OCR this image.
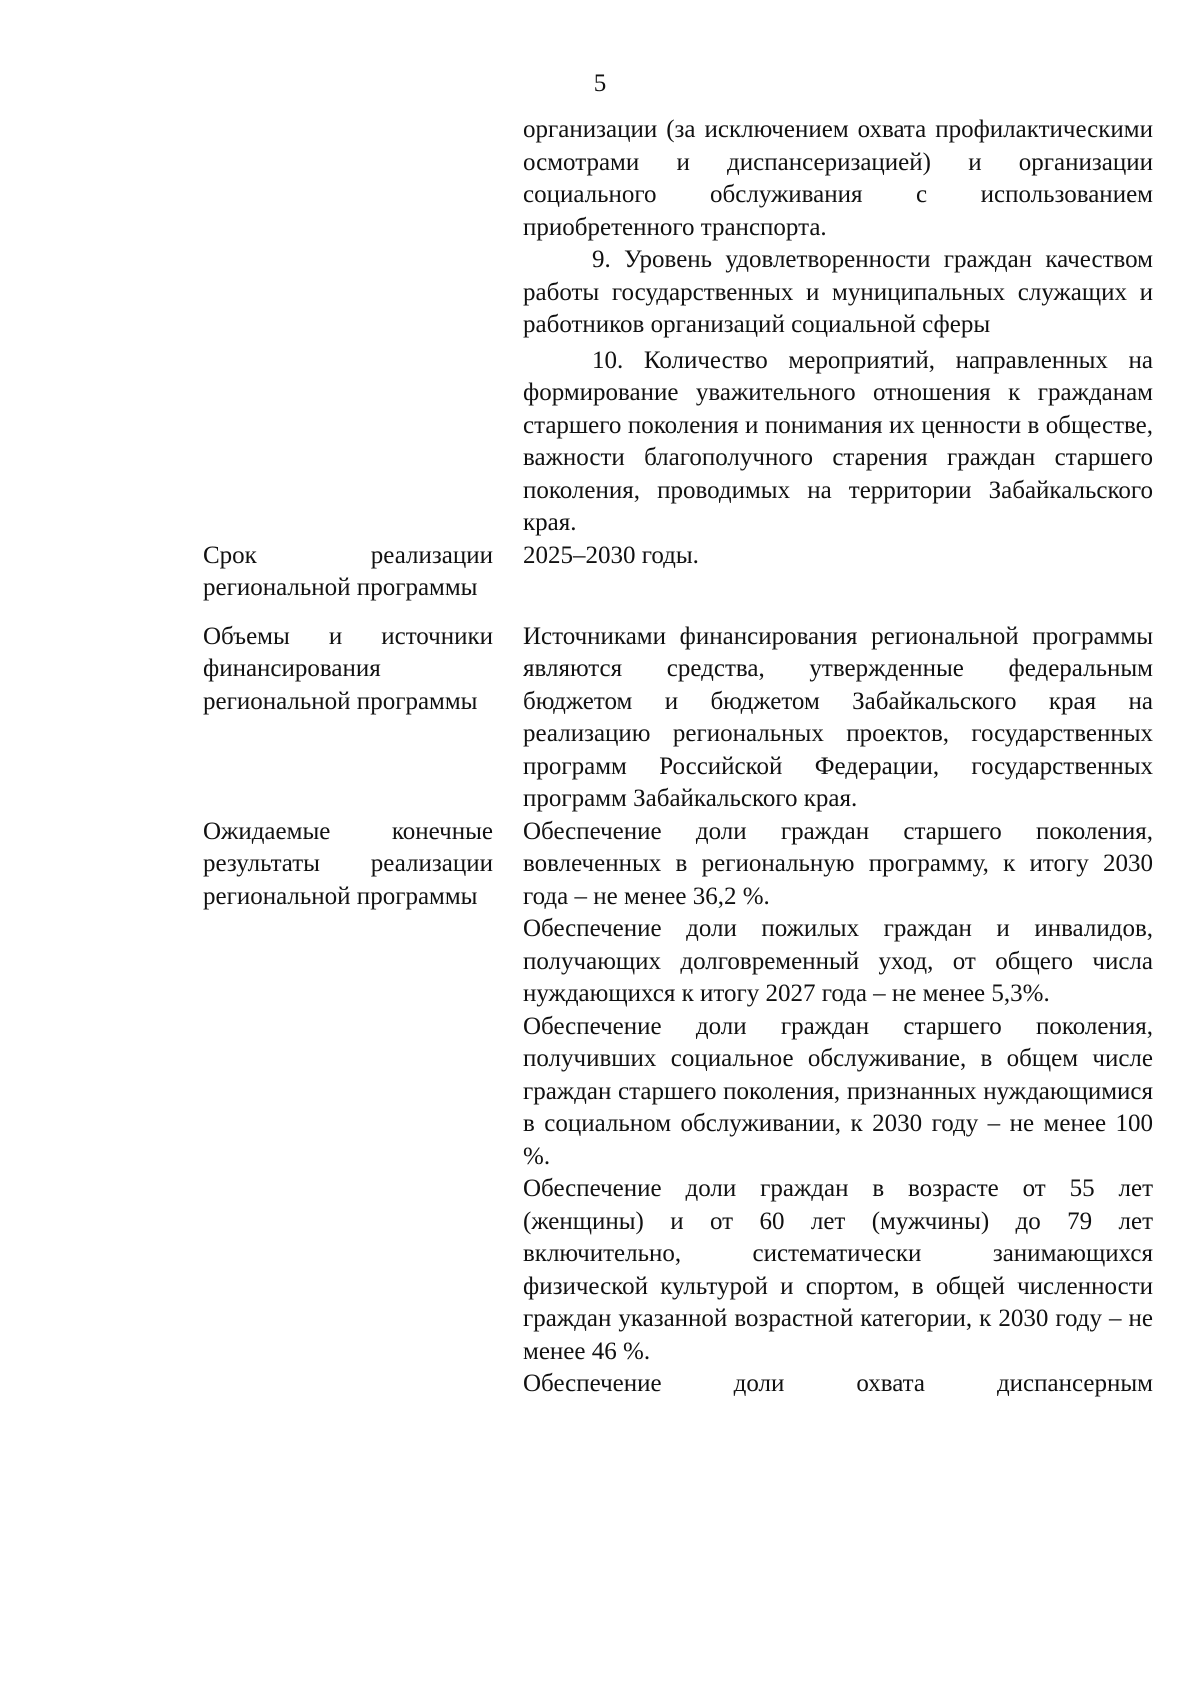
5

организации (за исключением охвата профилактическими осмотрами и диспансеризацией) и организации социального обслуживания с использованием приобретенного транспорта.

9. Уровень удовлетворенности граждан качеством работы государственных и муниципальных служащих и работников организаций социальной сферы

10. Количество мероприятий, направленных на формирование уважительного отношения к гражданам старшего поколения и понимания их ценности в обществе, важности благополучного старения граждан старшего поколения, проводимых на территории Забайкальского края.

Срок реализации региональной программы

2025–2030 годы.

Объемы и источники финансирования региональной программы

Источниками финансирования региональной программы являются средства, утвержденные федеральным бюджетом и бюджетом Забайкальского края на реализацию региональных проектов, государственных программ Российской Федерации, государственных программ Забайкальского края.

Ожидаемые конечные результаты реализации региональной программы

Обеспечение доли граждан старшего поколения, вовлеченных в региональную программу, к итогу 2030 года – не менее 36,2 %.

Обеспечение доли пожилых граждан и инвалидов, получающих долговременный уход, от общего числа нуждающихся к итогу 2027 года – не менее 5,3%.

Обеспечение доли граждан старшего поколения, получивших социальное обслуживание, в общем числе граждан старшего поколения, признанных нуждающимися в социальном обслуживании, к 2030 году – не менее 100 %.

Обеспечение доли граждан в возрасте от 55 лет (женщины) и от 60 лет (мужчины) до 79 лет включительно, систематически занимающихся физической культурой и спортом, в общей численности граждан указанной возрастной категории, к 2030 году – не менее 46 %.

Обеспечение доли охвата диспансерным
